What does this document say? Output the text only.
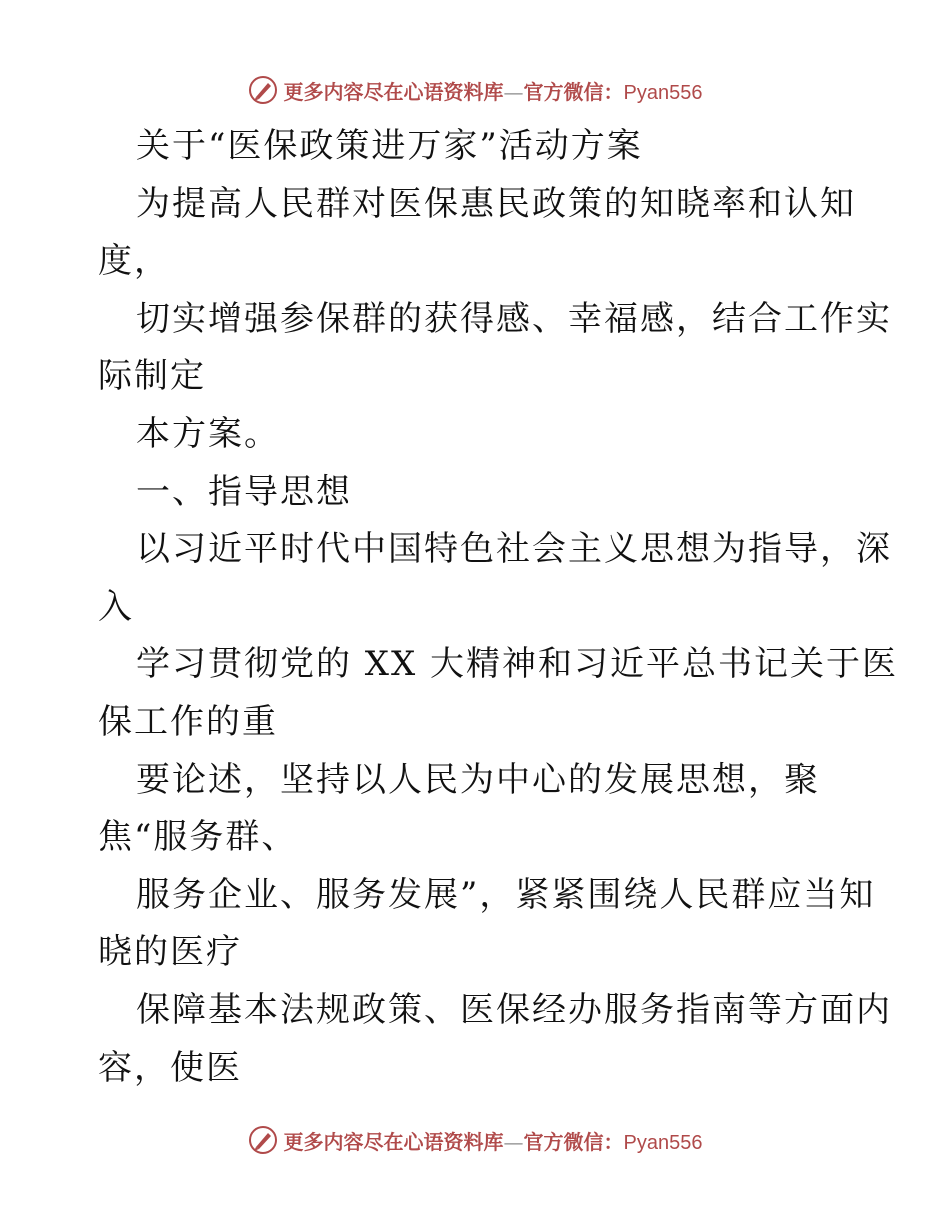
更多内容尽在心语资料库—官方微信：Pyan556
关于“医保政策进万家”活动方案
为提高人民群对医保惠民政策的知晓率和认知
度，
切实增强参保群的获得感、幸福感，结合工作实
际制定
本方案。
一、指导思想
以习近平时代中国特色社会主义思想为指导，深
入
学习贯彻党的 XX 大精神和习近平总书记关于医
保工作的重
要论述，坚持以人民为中心的发展思想，聚
焦“服务群、
服务企业、服务发展”，紧紧围绕人民群应当知
晓的医疗
保障基本法规政策、医保经办服务指南等方面内
容，使医
更多内容尽在心语资料库—官方微信：Pyan556
